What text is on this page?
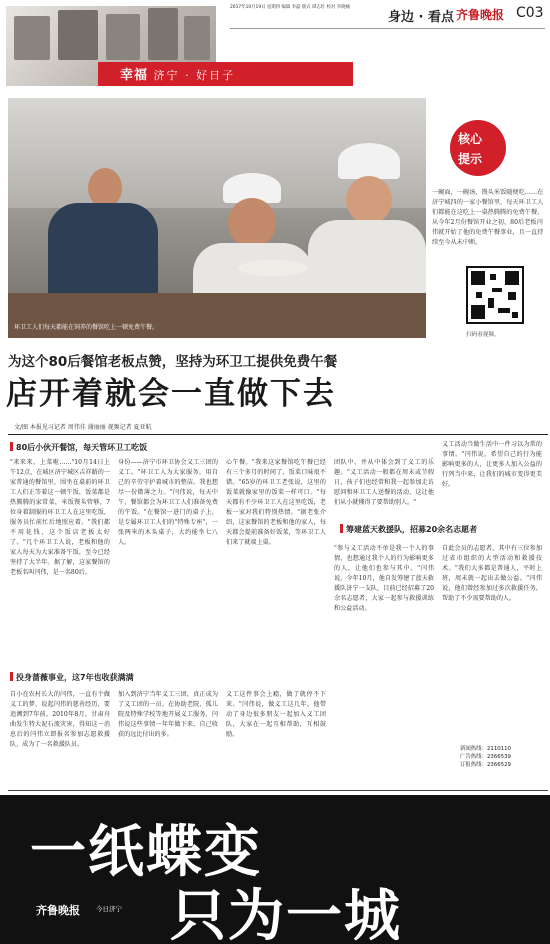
2017年10月19日 星期四 编辑 李磊 版式 谭志红 校对 李晓楠
身边 · 看点 齐鲁晚报 C03
幸福 济宁 · 好日子
环卫工人们每天都能在饲养的餐馆吃上一顿免费午餐。
核心
提示
一碗面，一碗汤，馒头米饭随便吃……在济宁城四的一家小餐馆里，每天环卫工人们都能在这吃上一桌热腾腾的免费午餐。从今年2月份餐馆开业之初，80后老板闫伟就开始了他的免费午餐事业，且一直持续至今从未中断。
扫码看视频。
为这个80后餐馆老板点赞，坚持为环卫工提供免费午餐
店开着就会一直做下去
文/图 本报见习记者 周伟佳 谢丽丽 视频记者 夏亚航
80后小伙开餐馆，每天管环卫工吃饭
"来来来，上菜啦……"10月14日上午12点，在城区济宁城区吉祥路的一家普通的餐馆里，围坐在桌前的环卫工人们正等着这一顿午饭，饭菜都是热腾腾的家常菜，米饭馒头管够，7位身着制服的环卫工人在这里吃饭，服务员忙前忙后地照应着。"我们都不用花钱，这个饭店老板太好了。"几个环卫工人说，老板和他的家人每天为大家准备午饭，至今已经坚持了大半年。据了解，这家餐馆的老板名叫闫伟，是一名80后。
身份——济宁市环卫协会义工三团的义工。"环卫工人为大家服务，用自己的辛劳守护着城市的整洁。我也想尽一份微薄之力。"闫伟说，每天中午，餐馆都会为环卫工人们准备免费的午饭。"在餐馆一进门的桌子上，是专属环卫工人们的"特殊专座"，一张两米的木头桌子，大约能坐七八人。
心午餐。"我来这家餐馆吃午餐已经有三个多月的时间了，饭菜口味很不错。"65岁的环卫工老张说，这里的饭菜就像家里的饭菜一样可口。"每天都有不少环卫工人在这里吃饭，老板一家对我们特别热情。"据老张介绍，这家餐馆的老板和他的家人，每天都会提前准备好饭菜，等环卫工人们来了就端上桌。
团队中，并从中体会到了义工的乐趣。"义工活动一般都在周末或节假日，孩子们也经常和我一起参加走访慰问和环卫工人送餐的活动，这让他们从小就懂得了要帮助别人。"
义工活动当做生活中一件习以为常的事情。"闫伟说，希望自己的行为能影响更多的人，让更多人加入公益的行列当中来，让我们的城市变得更美好。
筹建蓝天救援队，招募20余名志愿者
"参与义工活动不单是我一个人的事情，也想通过我个人的行为影响更多的人，让他们也参与其中。"闫伟说，今年10月，他自发筹建了蓝天救援队济宁一支队，目前已经招募了20余名志愿者，大家一起参与救援训练和公益活动。
自此会员的志愿者，其中有三位参加过省市组织的大型活动和救援技术。"我们大多都是普通人，平时上班，周末就一起出去做公益。"闫伟说，他们曾经参加过多次救援任务，帮助了不少需要帮助的人。
投身蔷薇事业，这7年也收获满满
自小在农村长大的闫伟，一直有个做义工的梦，说起闫伟的慈善经历，要追溯到7年前。2010年8月，甘肃舟曲发生特大泥石流灾害，得知这一消息后的闫伟立即报名参加志愿救援队，成为了一名救援队员。
加入到济宁当年义工三团，真正成为了义工团的一员。在协助老院、孤儿院及特殊学校等地开展义工服务，闫伟说这些事情一年年做下来，自己收获的远比付出的多。
义工这件事会上瘾，做了就停不下来。"闫伟说，做义工这几年，他带动了身边很多朋友一起加入义工团队，大家在一起互相帮助，互相鼓励。
新闻热线：2110110
广告热线：2366539
订报热线：2366529
一纸蝶变
只为一城
齐鲁晚报 今日济宁
